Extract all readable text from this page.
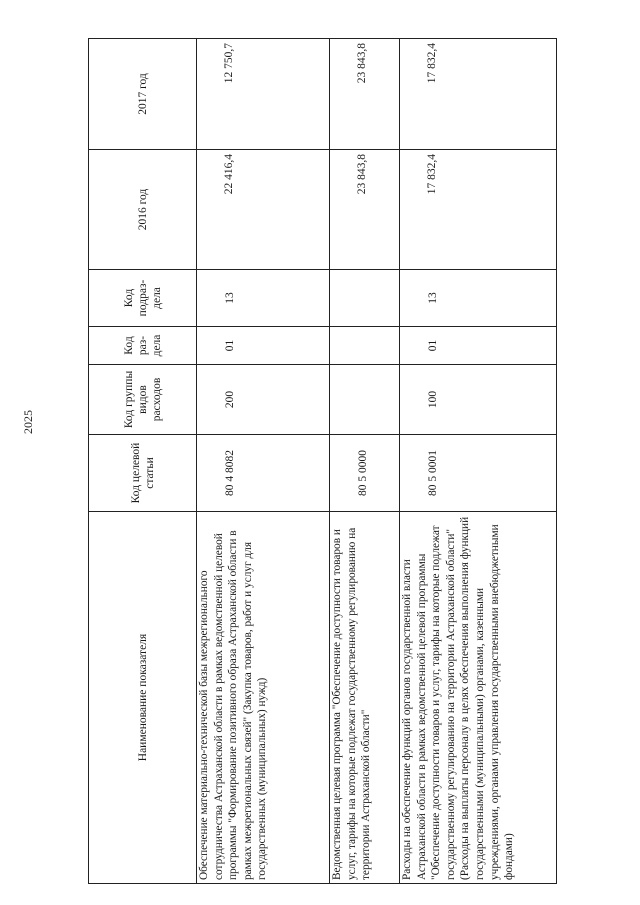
2025
Наименование показателя	Код целевой статьи	Код группы видов расходов	Код раз-дела	Код подраз-дела	2016 год	2017 год
Обеспечение материально-технической базы межрегионального сотрудничества Астраханской области в рамках ведомственной целевой программы "Формирование позитивного образа Астраханской области в рамках межрегиональных связей" (Закупка товаров, работ и услуг для государственных (муниципальных) нужд)	80 4 8082	200	01	13	22 416,4	12 750,7
Ведомственная целевая программа "Обеспечение доступности товаров и услуг, тарифы на которые подлежат государственному регулированию на территории Астраханской области"	80 5 0000				23 843,8	23 843,8
Расходы на обеспечение функций органов государственной власти Астраханской области в рамках ведомственной целевой программы "Обеспечение доступности товаров и услуг, тарифы на которые подлежат государственному регулированию на территории Астраханской области" (Расходы на выплаты персоналу в целях обеспечения выполнения функций государственными (муниципальными) органами, казенными учреждениями, органами управления государственными внебюджетными фондами)	80 5 0001	100	01	13	17 832,4	17 832,4
